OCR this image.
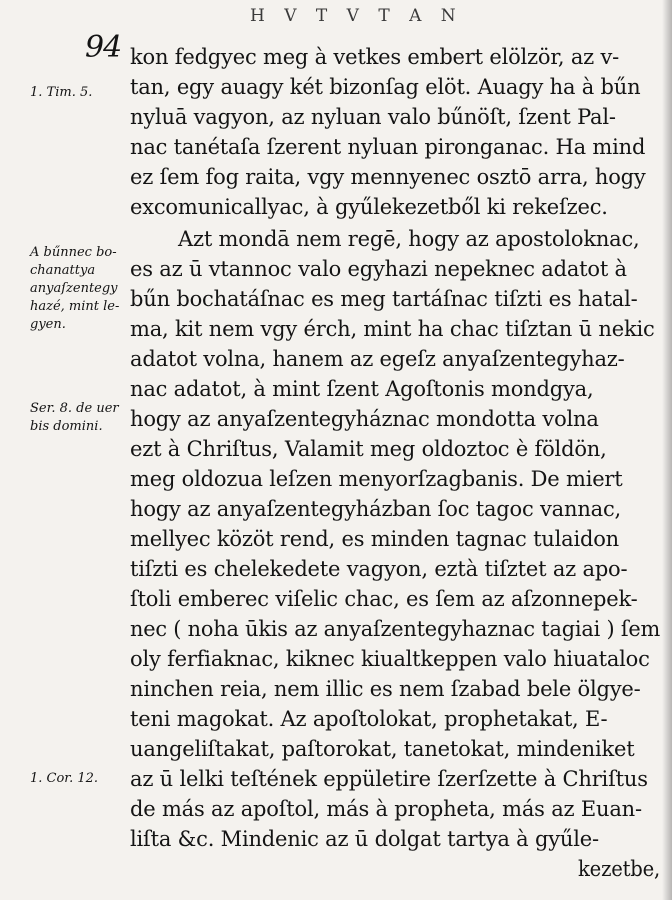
H V T V T A N
94 kon fedgyec meg à vetkes embert elölzör, az v-
tan, egy auagy két bizonſag elöt. Auagy ha à bűn
nyluā vagyon, az nyluan valo bűnöſt, ſzent Pal-
nac tanétaſa ſzerent nyluan pironganac. Ha mind
ez ſem fog raita, vgy mennyenec osztō arra, hogy
excomunicallyac, à gyűlekezetből ki rekeſzec.
Azt mondā nem regē, hogy az apostoloknac,
es az ū vtannoc valo egyhazi nepeknec adatot à
bűn bochatáſnac es meg tartáſnac tiſzti es hatal-
ma, kit nem vgy érch, mint ha chac tiſztan ū nekic
adatot volna, hanem az egeſz anyaſzentegyhaz-
nac adatot, à mint ſzent Agoſtonis mondgya,
hogy az anyaſzentegyháznac mondotta volna
ezt à Chriſtus, Valamit meg oldoztoc è földön,
meg oldozua leſzen menyorſzagbanis. De miert
hogy az anyaſzentegyházban ſoc tagoc vannac,
mellyec közöt rend, es minden tagnac tulaidon
tiſzti es chelekedete vagyon, eztà tiſztet az apo-
ſtoli emberec viſelic chac, es ſem az aſzonnepek-
nec ( noha ūkis az anyaſzentegyhaznac tagiai ) ſem
oly ferfiaknac, kiknec kiualtkeppen valo hiuataloc
ninchen reia, nem illic es nem ſzabad bele ölgye-
teni magokat. Az apoſtolokat, prophetakat, E-
uangeliſtakat, paſtorokat, tanetokat, mindeniket
az ū lelki teſtének eppületire ſzerſzette à Chriſtus
de más az apoſtol, más à propheta, más az Euan-
liſta &c. Mindenic az ū dolgat tartya à gyűle-
kezetbe,
1. Tim. 5.
A bűnnec bo-
chanattya
anyaſzentegy
hazé, mint le-
gyen.
Ser. 8. de uer
bis domini.
1. Cor. 12.
